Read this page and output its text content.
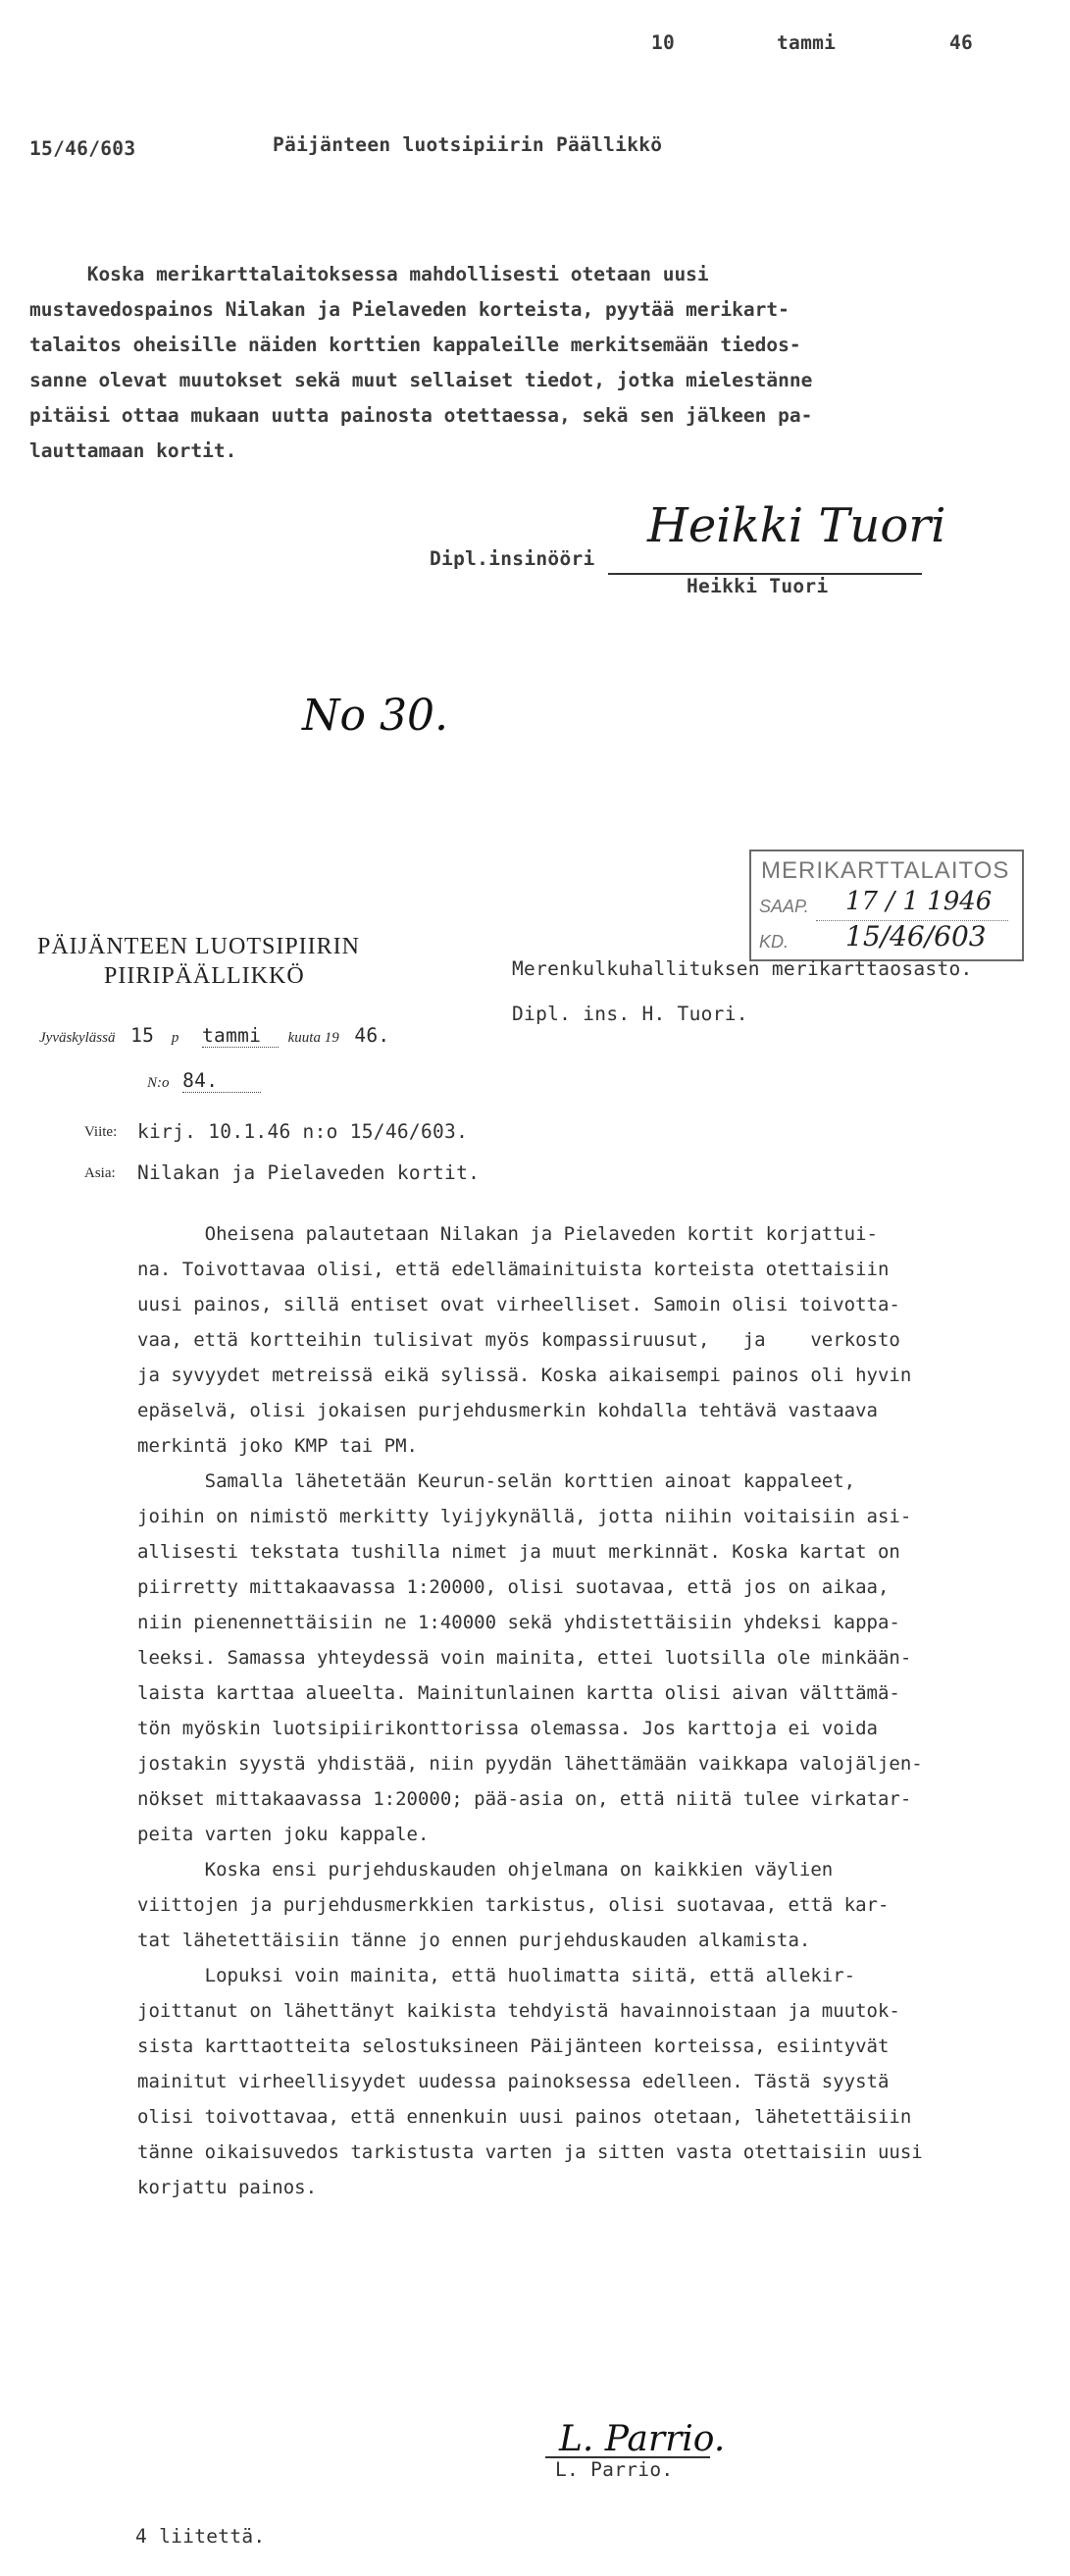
10	tammi	46
15/46/603	Päijänteen luotsipiirin Päällikkö

Koska merikarttalaitoksessa mahdollisesti otetaan uusi

mustavedospainos Nilakan ja Pielaveden korteista, pyytää merikart-

talaitos oheisille näiden korttien kappaleille merkitsemään tiedos-

sanne olevat muutokset sekä muut sellaiset tiedot, jotka mielestänne

pitäisi ottaa mukaan uutta painosta otettaessa, sekä sen jälkeen pa-

lauttamaan kortit.

Dipl.insinööri
Heikki Tuori
Heikki Tuori
No 30.
MERIKARTTALAITOS
SAAP. 17 / 1 1946
KD. 15/46/603
PÄIJÄNTEEN LUOTSIPIIRIN
PIIRIPÄÄLLIKKÖ	Merenkulkuhallituksen merikarttaosasto.
Dipl. ins. H. Tuori.
Jyväskylässä 15 p tammi kuuta 19 46.
N:o 84.
Viite: kirj. 10.1.46 n:o 15/46/603.
Asia: Nilakan ja Pielaveden kortit.

Oheisena palautetaan Nilakan ja Pielaveden kortit korjattui-

na. Toivottavaa olisi, että edellämainituista korteista otettaisiin

uusi painos, sillä entiset ovat virheelliset. Samoin olisi toivotta-

vaa, että kortteihin tulisivat myös kompassiruusut,   ja    verkosto

ja syvyydet metreissä eikä sylissä. Koska aikaisempi painos oli hyvin

epäselvä, olisi jokaisen purjehdusmerkin kohdalla tehtävä vastaava

merkintä joko KMP tai PM.

Samalla lähetetään Keurun-selän korttien ainoat kappaleet,

joihin on nimistö merkitty lyijykynällä, jotta niihin voitaisiin asi-

allisesti tekstata tushilla nimet ja muut merkinnät. Koska kartat on

piirretty mittakaavassa 1:20000, olisi suotavaa, että jos on aikaa,

niin pienennettäisiin ne 1:40000 sekä yhdistettäisiin yhdeksi kappa-

leeksi. Samassa yhteydessä voin mainita, ettei luotsilla ole minkään-

laista karttaa alueelta. Mainitunlainen kartta olisi aivan välttämä-

tön myöskin luotsipiirikonttorissa olemassa. Jos karttoja ei voida

jostakin syystä yhdistää, niin pyydän lähettämään vaikkapa valojäljen-

nökset mittakaavassa 1:20000; pää-asia on, että niitä tulee virkatar-

peita varten joku kappale.

Koska ensi purjehduskauden ohjelmana on kaikkien väylien

viittojen ja purjehdusmerkkien tarkistus, olisi suotavaa, että kar-

tat lähetettäisiin tänne jo ennen purjehduskauden alkamista.

Lopuksi voin mainita, että huolimatta siitä, että allekir-

joittanut on lähettänyt kaikista tehdyistä havainnoistaan ja muutok-

sista karttaotteita selostuksineen Päijänteen korteissa, esiintyvät

mainitut virheellisyydet uudessa painoksessa edelleen. Tästä syystä

olisi toivottavaa, että ennenkuin uusi painos otetaan, lähetettäisiin

tänne oikaisuvedos tarkistusta varten ja sitten vasta otettaisiin uusi

korjattu painos.

L. Parrio.
L. Parrio.
4 liitettä.
